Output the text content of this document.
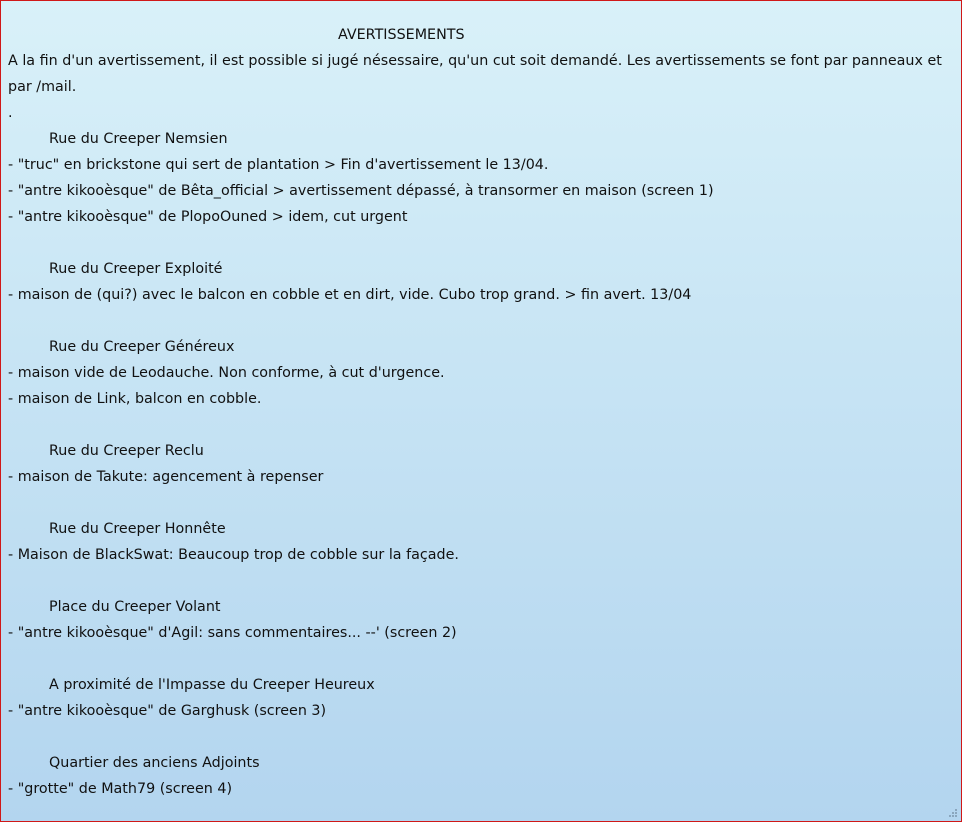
AVERTISSEMENTS
A la fin d'un avertissement, il est possible si jugé nésessaire, qu'un cut soit demandé. Les avertissements se font par panneaux et par /mail.
.
Rue du Creeper Nemsien
- "truc" en brickstone qui sert de plantation > Fin d'avertissement le 13/04.
- "antre kikooèsque" de Bêta_official > avertissement dépassé, à transormer en maison (screen 1)
- "antre kikooèsque" de PlopoOuned > idem, cut urgent
Rue du Creeper Exploité
- maison de (qui?) avec le balcon en cobble et en dirt, vide. Cubo trop grand. > fin avert. 13/04
Rue du Creeper Généreux
- maison vide de Leodauche. Non conforme, à cut d'urgence.
- maison de Link, balcon en cobble.
Rue du Creeper Reclu
- maison de Takute: agencement à repenser
Rue du Creeper Honnête
- Maison de BlackSwat: Beaucoup trop de cobble sur la façade.
Place du Creeper Volant
- "antre kikooèsque" d'Agil: sans commentaires... --' (screen 2)
A proximité de l'Impasse du Creeper Heureux
- "antre kikooèsque" de Garghusk (screen 3)
Quartier des anciens Adjoints
- "grotte" de Math79 (screen 4)
